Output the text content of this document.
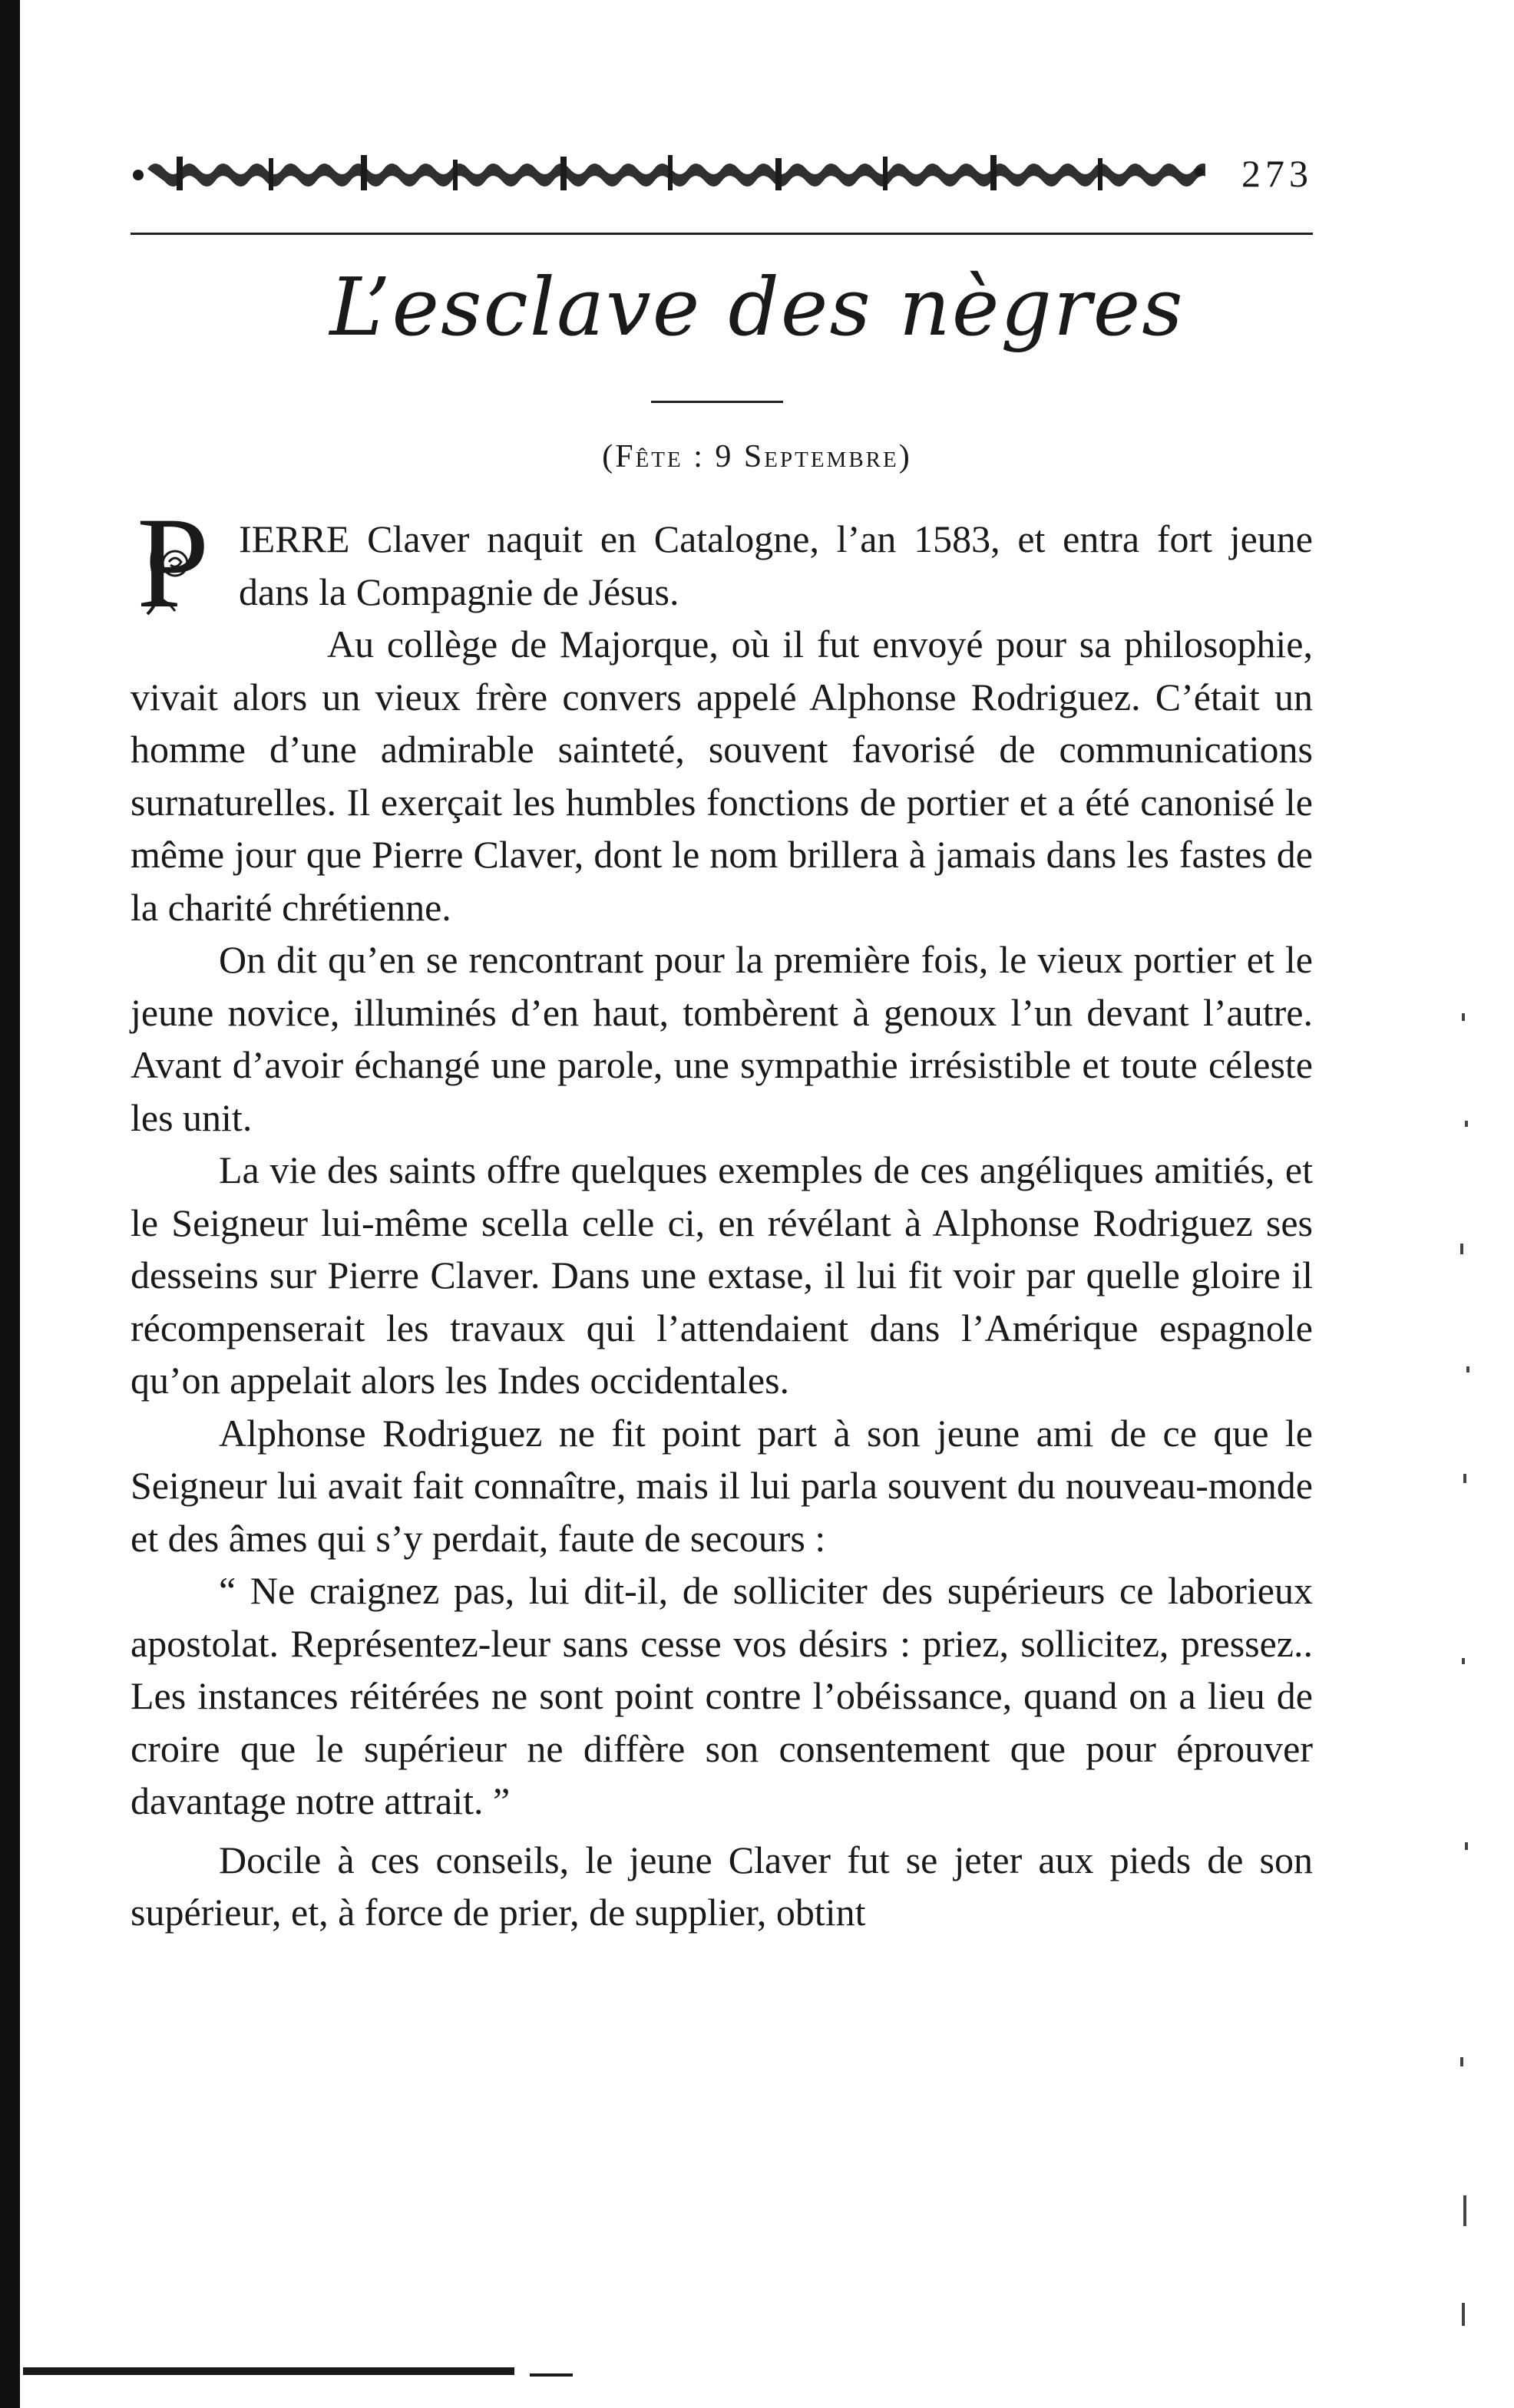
273
L’esclave des nègres
(Fête : 9 Septembre)

P IERRE Claver naquit en Catalogne, l’an 1583, et entra fort jeune dans la Compagnie de Jésus.

Au collège de Majorque, où il fut envoyé pour sa philosophie, vivait alors un vieux frère convers appelé Alphonse Rodriguez. C’était un homme d’une admirable sainteté, souvent favorisé de communications surnaturelles. Il exerçait les humbles fonctions de portier et a été canonisé le même jour que Pierre Claver, dont le nom brillera à jamais dans les fastes de la charité chrétienne.

On dit qu’en se rencontrant pour la première fois, le vieux portier et le jeune novice, illuminés d’en haut, tombèrent à genoux l’un devant l’autre. Avant d’avoir échangé une parole, une sympathie irrésistible et toute céleste les unit.

La vie des saints offre quelques exemples de ces angéliques amitiés, et le Seigneur lui-même scella celle ci, en révélant à Alphonse Rodriguez ses desseins sur Pierre Claver. Dans une extase, il lui fit voir par quelle gloire il récompenserait les travaux qui l’attendaient dans l’Amérique espagnole qu’on appelait alors les Indes occidentales.

Alphonse Rodriguez ne fit point part à son jeune ami de ce que le Seigneur lui avait fait connaître, mais il lui parla souvent du nouveau-monde et des âmes qui s’y perdait, faute de secours :

“ Ne craignez pas, lui dit-il, de solliciter des supérieurs ce laborieux apostolat. Représentez-leur sans cesse vos désirs : priez, sollicitez, pressez.. Les instances réitérées ne sont point contre l’obéissance, quand on a lieu de croire que le supérieur ne diffère son consentement que pour éprouver davantage notre attrait. ”

Docile à ces conseils, le jeune Claver fut se jeter aux pieds de son supérieur, et, à force de prier, de supplier, obtint
